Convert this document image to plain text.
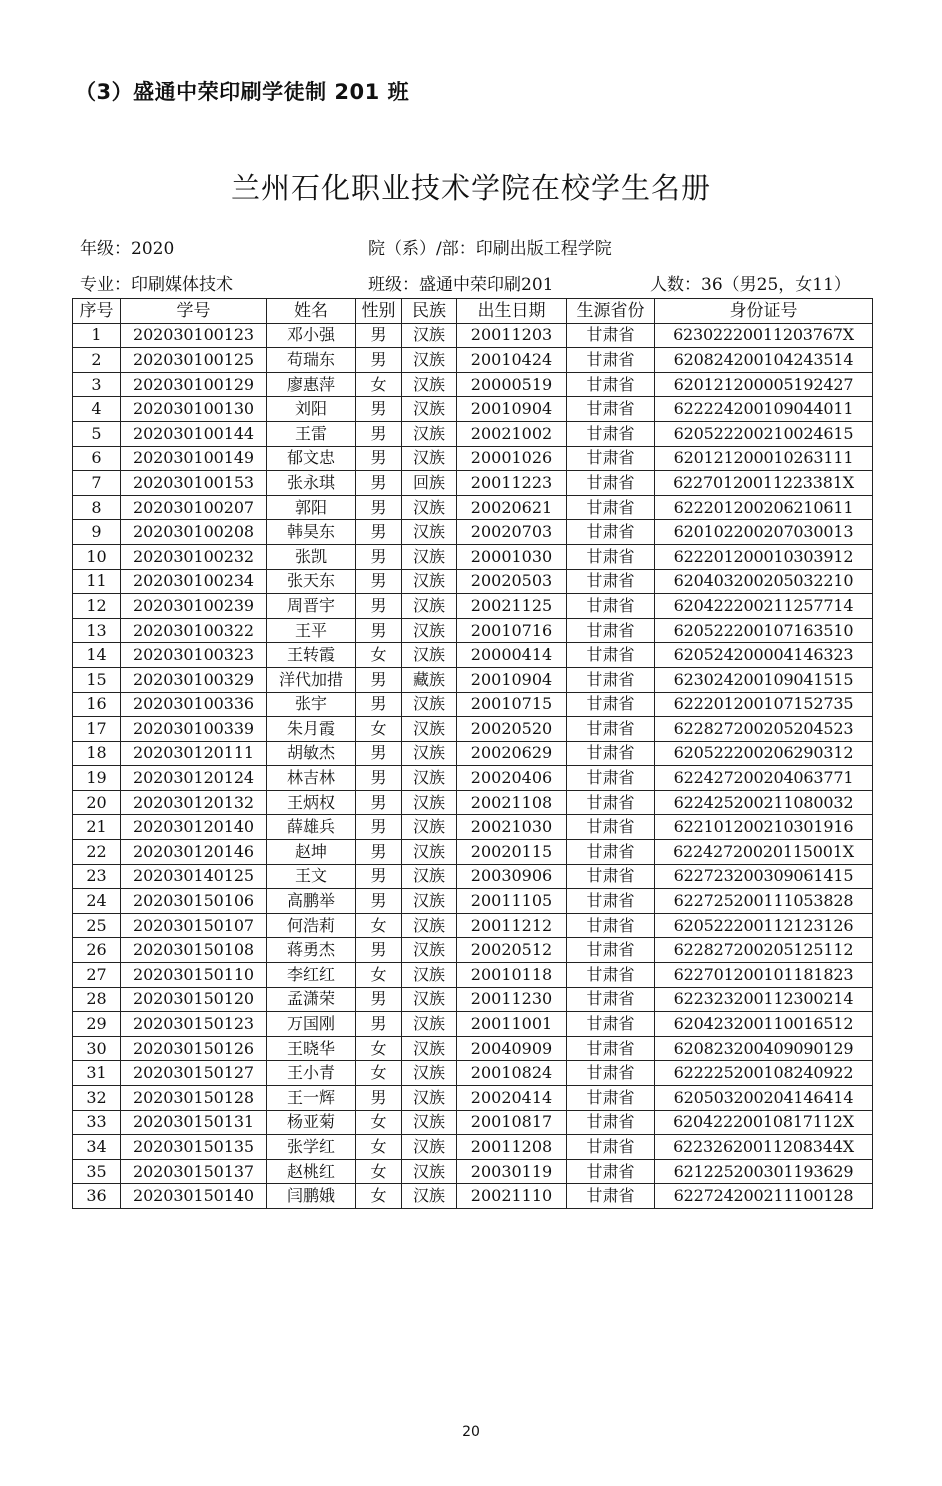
（3）盛通中荣印刷学徒制 201 班
兰州石化职业技术学院在校学生名册
年级：2020	院（系）/部：印刷出版工程学院
专业：印刷媒体技术	班级：盛通中荣印刷201	人数：36（男25，女11）
序号	学号	姓名	性别	民族	出生日期	生源省份	身份证号
1	202030100123	邓小强	男	汉族	20011203	甘肃省	62302220011203767X
2	202030100125	苟瑞东	男	汉族	20010424	甘肃省	620824200104243514
3	202030100129	廖惠萍	女	汉族	20000519	甘肃省	620121200005192427
4	202030100130	刘阳	男	汉族	20010904	甘肃省	622224200109044011
5	202030100144	王雷	男	汉族	20021002	甘肃省	620522200210024615
6	202030100149	郁文忠	男	汉族	20001026	甘肃省	620121200010263111
7	202030100153	张永琪	男	回族	20011223	甘肃省	62270120011223381X
8	202030100207	郭阳	男	汉族	20020621	甘肃省	622201200206210611
9	202030100208	韩昊东	男	汉族	20020703	甘肃省	620102200207030013
10	202030100232	张凯	男	汉族	20001030	甘肃省	622201200010303912
11	202030100234	张天东	男	汉族	20020503	甘肃省	620403200205032210
12	202030100239	周晋宇	男	汉族	20021125	甘肃省	620422200211257714
13	202030100322	王平	男	汉族	20010716	甘肃省	620522200107163510
14	202030100323	王转霞	女	汉族	20000414	甘肃省	620524200004146323
15	202030100329	洋代加措	男	藏族	20010904	甘肃省	623024200109041515
16	202030100336	张宇	男	汉族	20010715	甘肃省	622201200107152735
17	202030100339	朱月霞	女	汉族	20020520	甘肃省	622827200205204523
18	202030120111	胡敏杰	男	汉族	20020629	甘肃省	620522200206290312
19	202030120124	林吉林	男	汉族	20020406	甘肃省	622427200204063771
20	202030120132	王炳权	男	汉族	20021108	甘肃省	622425200211080032
21	202030120140	薛雄兵	男	汉族	20021030	甘肃省	622101200210301916
22	202030120146	赵坤	男	汉族	20020115	甘肃省	62242720020115001X
23	202030140125	王文	男	汉族	20030906	甘肃省	622723200309061415
24	202030150106	高鹏举	男	汉族	20011105	甘肃省	622725200111053828
25	202030150107	何浩莉	女	汉族	20011212	甘肃省	620522200112123126
26	202030150108	蒋勇杰	男	汉族	20020512	甘肃省	622827200205125112
27	202030150110	李红红	女	汉族	20010118	甘肃省	622701200101181823
28	202030150120	孟潇荣	男	汉族	20011230	甘肃省	622323200112300214
29	202030150123	万国刚	男	汉族	20011001	甘肃省	620423200110016512
30	202030150126	王晓华	女	汉族	20040909	甘肃省	620823200409090129
31	202030150127	王小青	女	汉族	20010824	甘肃省	622225200108240922
32	202030150128	王一辉	男	汉族	20020414	甘肃省	620503200204146414
33	202030150131	杨亚菊	女	汉族	20010817	甘肃省	62042220010817112X
34	202030150135	张学红	女	汉族	20011208	甘肃省	62232620011208344X
35	202030150137	赵桃红	女	汉族	20030119	甘肃省	621225200301193629
36	202030150140	闫鹏娥	女	汉族	20021110	甘肃省	622724200211100128
20
